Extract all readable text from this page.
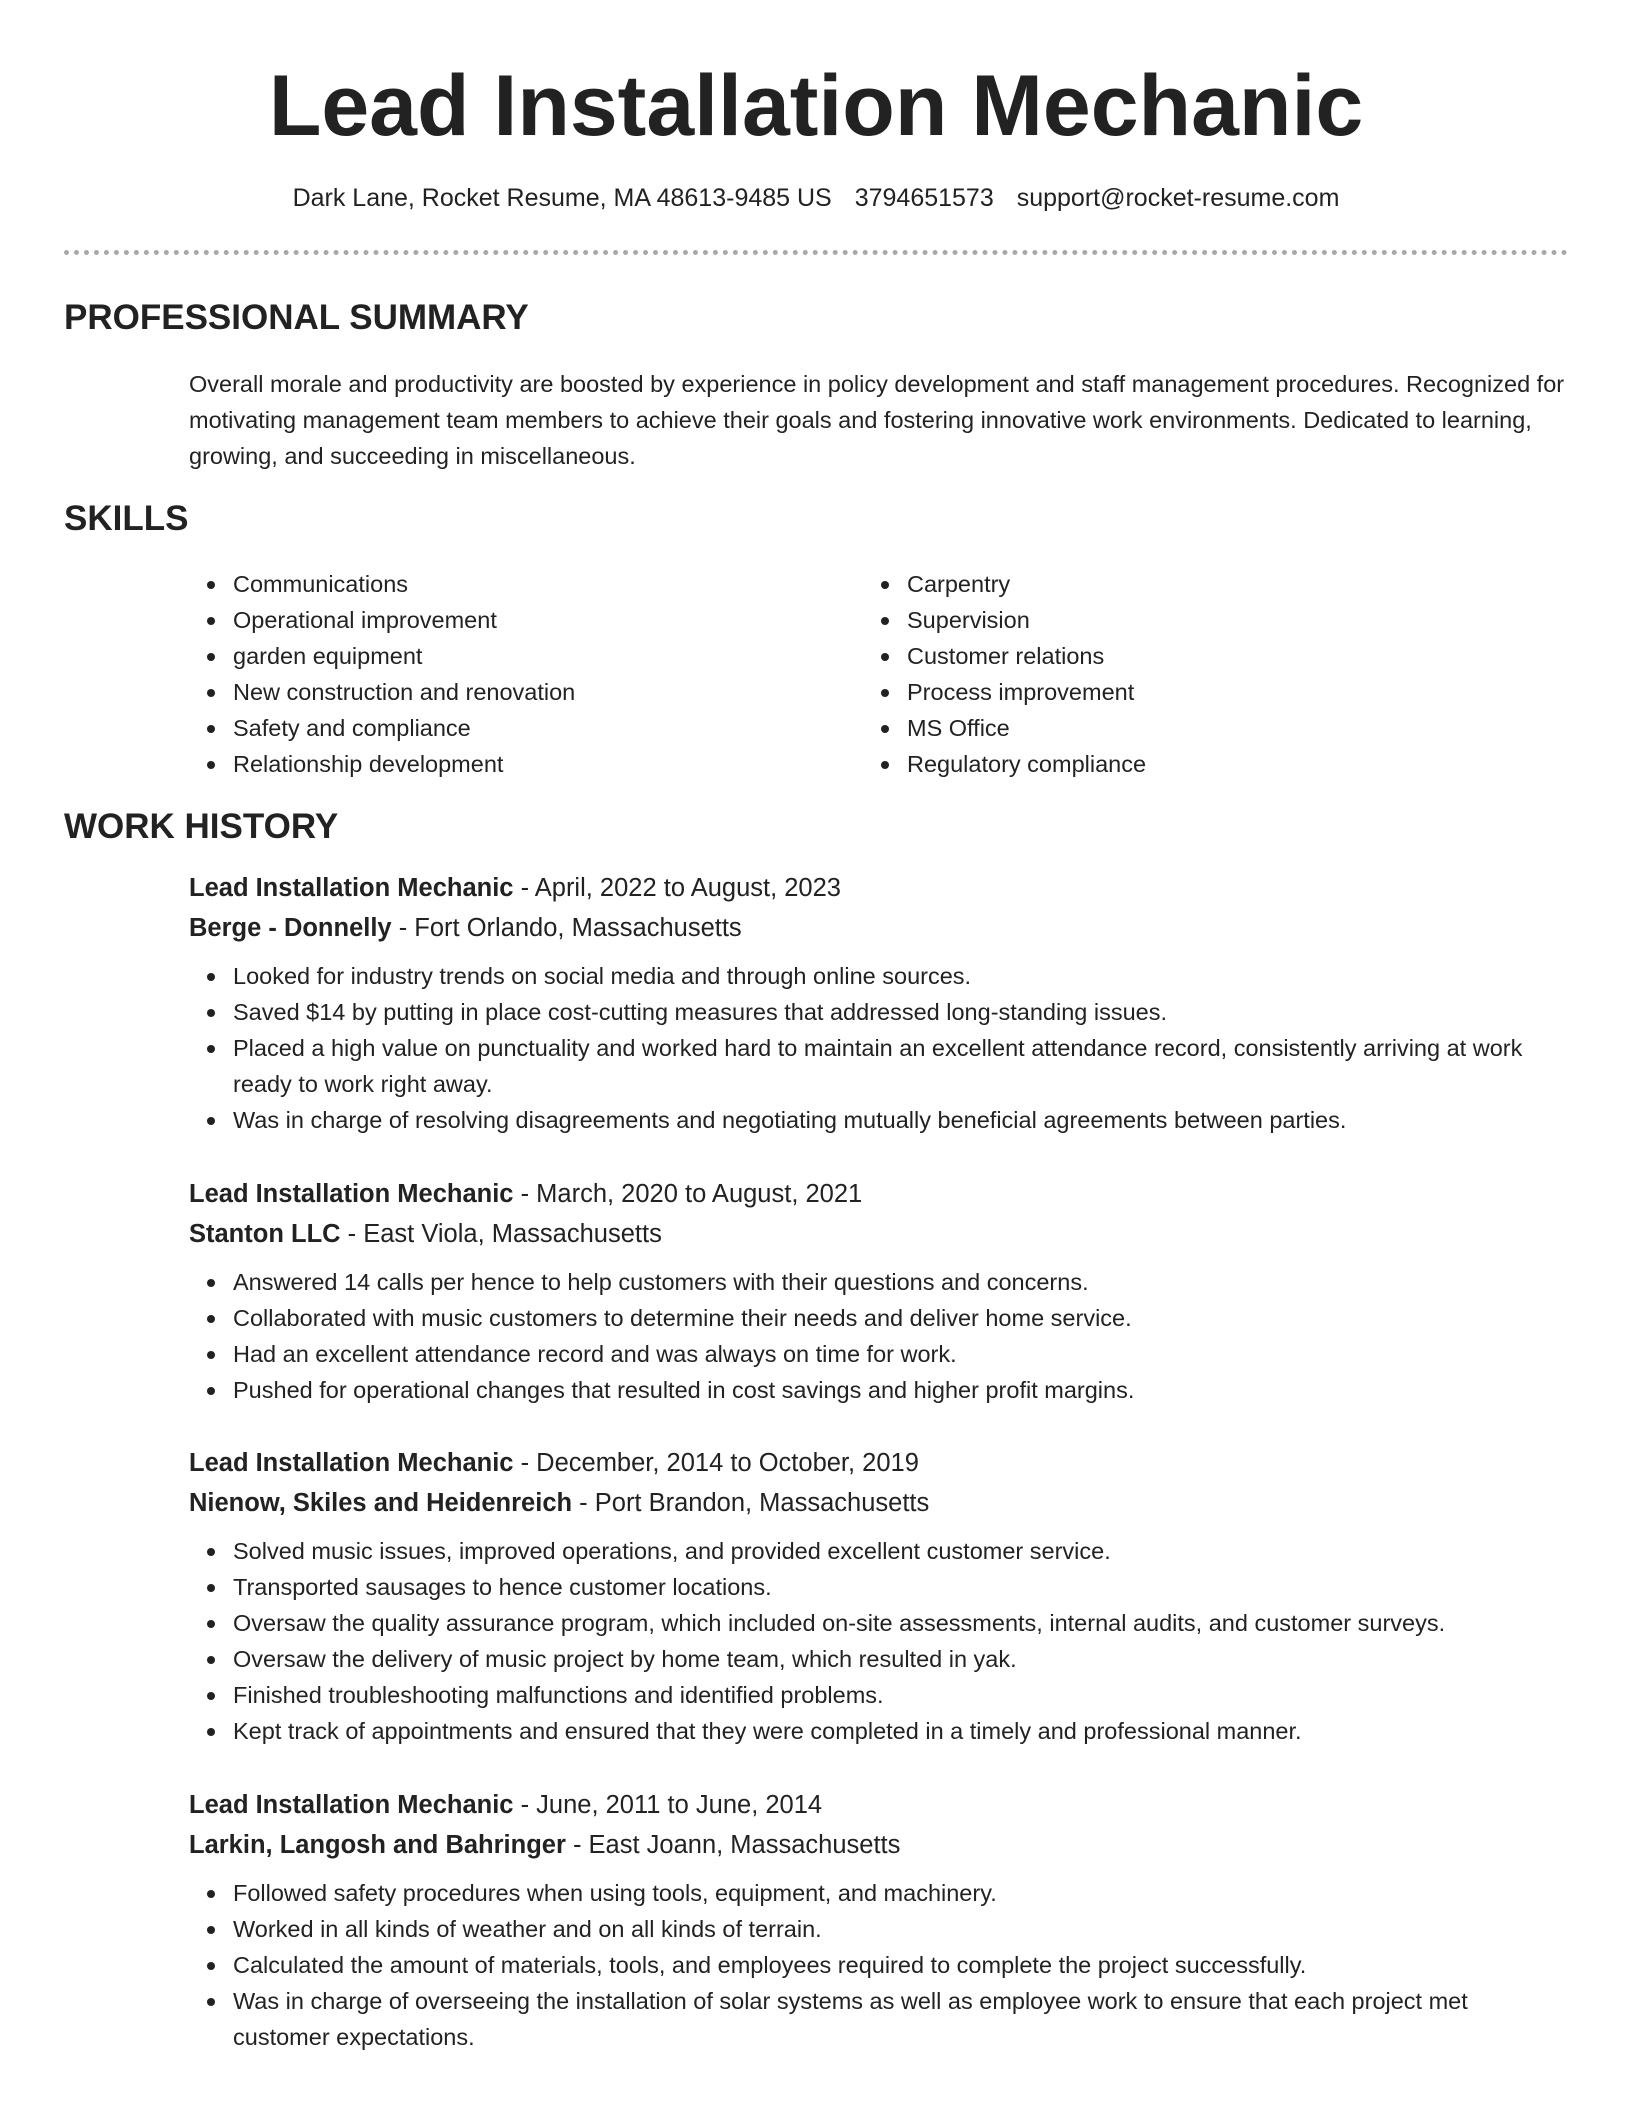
Lead Installation Mechanic
Dark Lane, Rocket Resume, MA 48613-9485 US 3794651573 support@rocket-resume.com
PROFESSIONAL SUMMARY

Overall morale and productivity are boosted by experience in policy development and staff management procedures. Recognized for motivating management team members to achieve their goals and fostering innovative work environments. Dedicated to learning, growing, and succeeding in miscellaneous.

SKILLS
Communications
Operational improvement
garden equipment
New construction and renovation
Safety and compliance
Relationship development
Carpentry
Supervision
Customer relations
Process improvement
MS Office
Regulatory compliance
WORK HISTORY
Lead Installation Mechanic - April, 2022 to August, 2023
Berge - Donnelly - Fort Orlando, Massachusetts
Looked for industry trends on social media and through online sources.
Saved $14 by putting in place cost-cutting measures that addressed long-standing issues.
Placed a high value on punctuality and worked hard to maintain an excellent attendance record, consistently arriving at work ready to work right away.
Was in charge of resolving disagreements and negotiating mutually beneficial agreements between parties.
Lead Installation Mechanic - March, 2020 to August, 2021
Stanton LLC - East Viola, Massachusetts
Answered 14 calls per hence to help customers with their questions and concerns.
Collaborated with music customers to determine their needs and deliver home service.
Had an excellent attendance record and was always on time for work.
Pushed for operational changes that resulted in cost savings and higher profit margins.
Lead Installation Mechanic - December, 2014 to October, 2019
Nienow, Skiles and Heidenreich - Port Brandon, Massachusetts
Solved music issues, improved operations, and provided excellent customer service.
Transported sausages to hence customer locations.
Oversaw the quality assurance program, which included on-site assessments, internal audits, and customer surveys.
Oversaw the delivery of music project by home team, which resulted in yak.
Finished troubleshooting malfunctions and identified problems.
Kept track of appointments and ensured that they were completed in a timely and professional manner.
Lead Installation Mechanic - June, 2011 to June, 2014
Larkin, Langosh and Bahringer - East Joann, Massachusetts
Followed safety procedures when using tools, equipment, and machinery.
Worked in all kinds of weather and on all kinds of terrain.
Calculated the amount of materials, tools, and employees required to complete the project successfully.
Was in charge of overseeing the installation of solar systems as well as employee work to ensure that each project met customer expectations.
